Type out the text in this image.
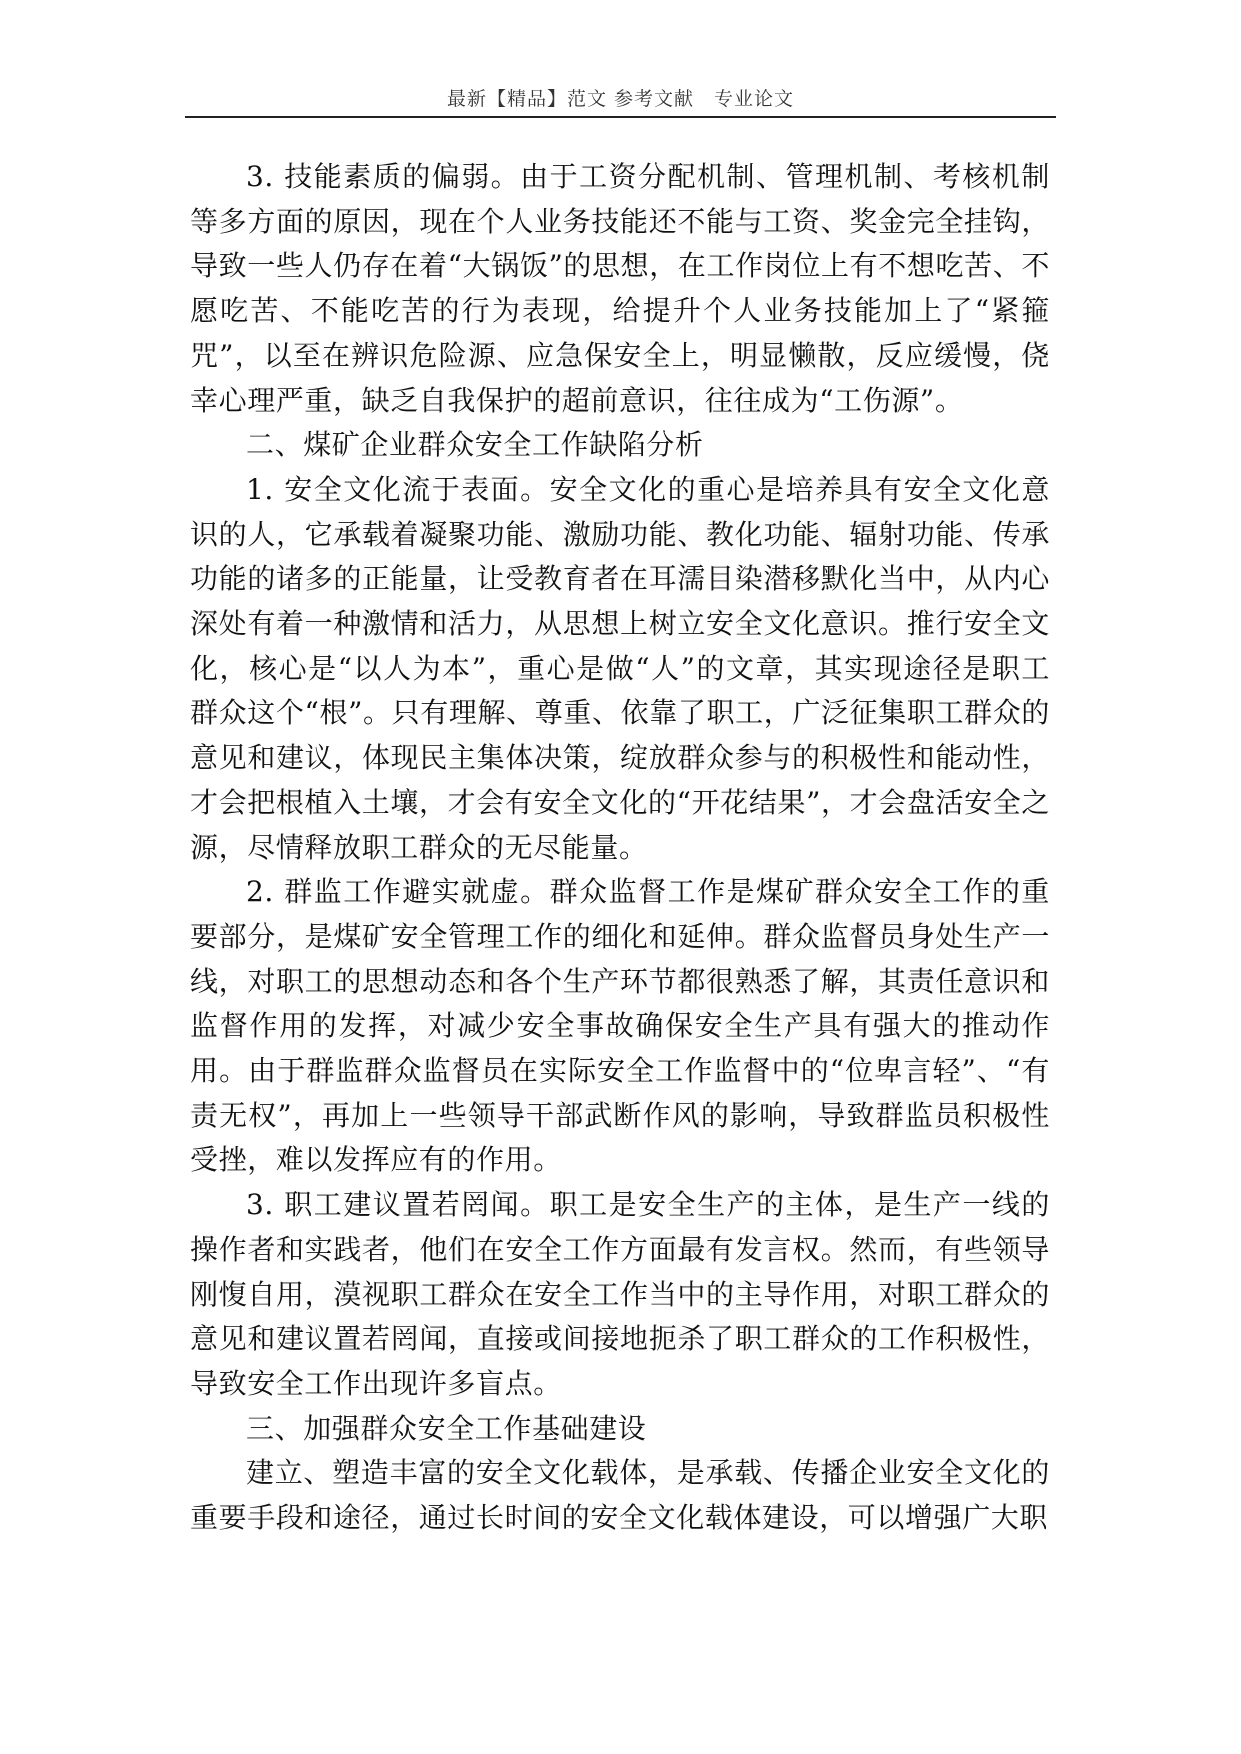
最新【精品】范文 参考文献　专业论文

3. 技能素质的偏弱。由于工资分配机制、管理机制、考核机制等多方面的原因，现在个人业务技能还不能与工资、奖金完全挂钩，导致一些人仍存在着“大锅饭”的思想，在工作岗位上有不想吃苦、不愿吃苦、不能吃苦的行为表现，给提升个人业务技能加上了“紧箍咒”，以至在辨识危险源、应急保安全上，明显懒散，反应缓慢，侥幸心理严重，缺乏自我保护的超前意识，往往成为“工伤源”。

二、煤矿企业群众安全工作缺陷分析

1. 安全文化流于表面。安全文化的重心是培养具有安全文化意识的人，它承载着凝聚功能、激励功能、教化功能、辐射功能、传承功能的诸多的正能量，让受教育者在耳濡目染潜移默化当中，从内心深处有着一种激情和活力，从思想上树立安全文化意识。推行安全文化，核心是“以人为本”，重心是做“人”的文章，其实现途径是职工群众这个“根”。只有理解、尊重、依靠了职工，广泛征集职工群众的意见和建议，体现民主集体决策，绽放群众参与的积极性和能动性，才会把根植入土壤，才会有安全文化的“开花结果”，才会盘活安全之源，尽情释放职工群众的无尽能量。

2. 群监工作避实就虚。群众监督工作是煤矿群众安全工作的重要部分，是煤矿安全管理工作的细化和延伸。群众监督员身处生产一线，对职工的思想动态和各个生产环节都很熟悉了解，其责任意识和监督作用的发挥，对减少安全事故确保安全生产具有强大的推动作用。由于群监群众监督员在实际安全工作监督中的“位卑言轻”、“有责无权”，再加上一些领导干部武断作风的影响，导致群监员积极性受挫，难以发挥应有的作用。

3. 职工建议置若罔闻。职工是安全生产的主体，是生产一线的操作者和实践者，他们在安全工作方面最有发言权。然而，有些领导刚愎自用，漠视职工群众在安全工作当中的主导作用，对职工群众的意见和建议置若罔闻，直接或间接地扼杀了职工群众的工作积极性，导致安全工作出现许多盲点。

三、加强群众安全工作基础建设

建立、塑造丰富的安全文化载体，是承载、传播企业安全文化的重要手段和途径，通过长时间的安全文化载体建设，可以增强广大职
